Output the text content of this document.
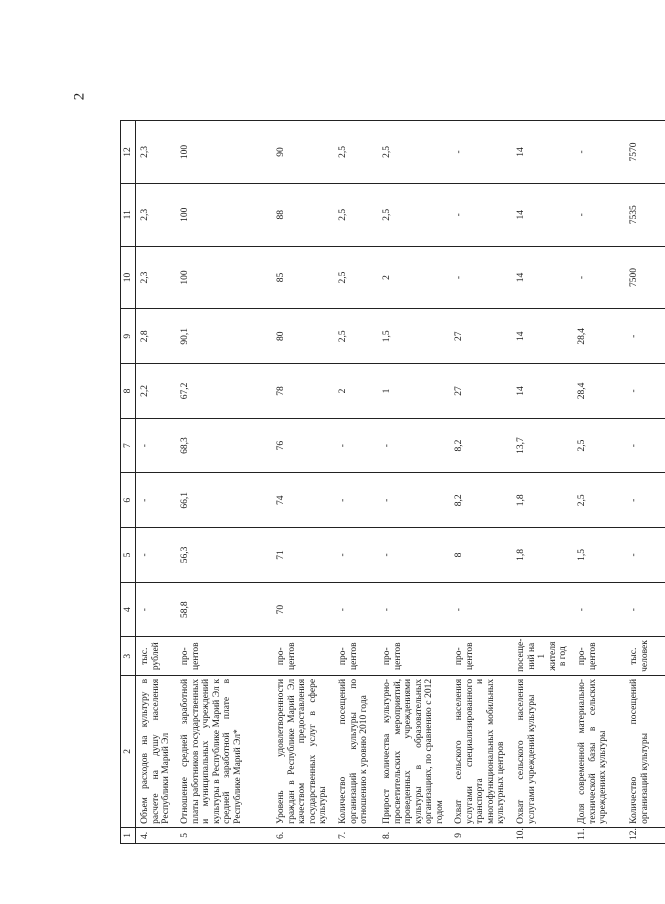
2
1	2	3	4	5	6	7	8	9	10	11	12
4.	Объем расходов на культуру в расчете на душу населения Республики Марий Эл	тыс. рублей	-	-	-	-	2,2	2,8	2,3	2,3	2,3
5	Отношение средней заработной платы работников государственных и муниципальных учреждений культуры в Республике Марий Эл к средней заработной плате в Республике Марий Эл*	про-центов	58,8	56,3	66,1	68,3	67,2	90,1	100	100	100
6.	Уровень удовлетворенности граждан в Республике Марий Эл качеством предоставления государственных услуг в сфере культуры	про-центов	70	71	74	76	78	80	85	88	90
7.	Количество посещений организаций культуры по отношению к уровню 2010 года	про-центов	-	-	-	-	2	2,5	2,5	2,5	2,5
8.	Прирост количества культурно-просветительских мероприятий, проведенных учреждениями культуры в образовательных организациях, по сравнению с 2012 годом	про-центов	-	-	-	-	1	1,5	2	2,5	2,5
9	Охват сельского населения услугами специализированного транспорта и многофункциональных мобильных культурных центров	про-центов	-	8	8,2	8,2	27	27	-	-	-
10.	Охват сельского населения услугами учреждений культуры	посеще-ний на 1 жителя в год		1,8	1,8	13,7	14	14	14	14	14
11.	Доля современной материально-технической базы в сельских учреждениях культуры	про-центов	-	1,5	2,5	2,5	28,4	28,4	-	-	-
12.	Количество посещений организаций культуры	тыс. человек	-	-	-	-	-	-	7500	7535	7570
